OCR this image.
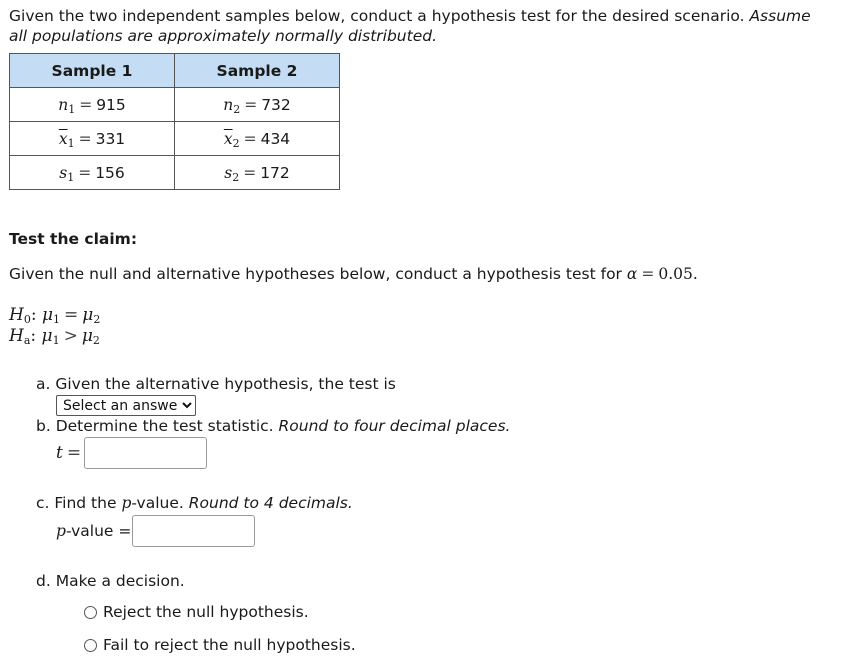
Given the two independent samples below, conduct a hypothesis test for the desired scenario. Assume all populations are approximately normally distributed.
Sample 1	Sample 2
n1 = 915	n2 = 732
$\overline{x}1 = 331$	$\overline{x}2 = 434$
s1 = 156	s2 = 172
Test the claim:
Given the null and alternative hypotheses below, conduct a hypothesis test for α = 0.05.
H0: μ1 = μ2
Ha: μ1 > μ2
a. Given the alternative hypothesis, the test is
Select an answer
b. Determine the test statistic. Round to four decimal places.
t =
c. Find the p-value. Round to 4 decimals.
p-value =
d. Make a decision.
Reject the null hypothesis.
Fail to reject the null hypothesis.
